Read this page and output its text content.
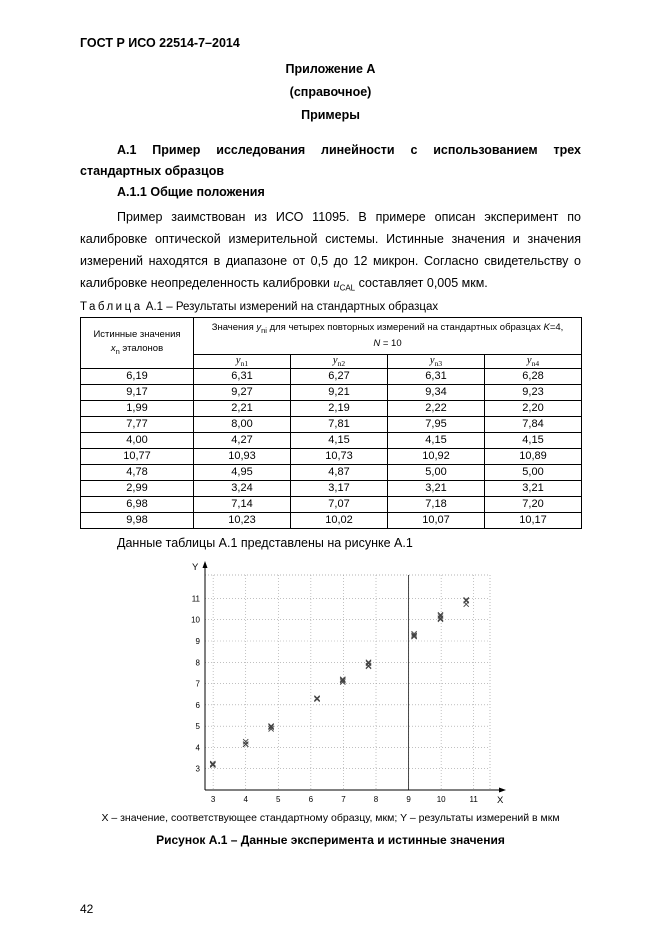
ГОСТ Р ИСО 22514-7–2014
Приложение А
(справочное)
Примеры

А.1 Пример исследования линейности с использованием трех стандартных образцов

А.1.1 Общие положения

Пример заимствован из ИСО 11095. В примере описан эксперимент по калибровке оптической измерительной системы. Истинные значения и значения измерений находятся в диапазоне от 0,5 до 12 микрон. Согласно свидетельству о калибровке неопределенность калибровки $u_{CAL}$ составляет 0,005 мкм.

Таблица А.1 – Результаты измерений на стандартных образцах
Истинные значения
$x_n$ эталонов	Значения $y_{ni}$ для четырех повторных измерений на стандартных образцах K=4,
N = 10			
	$y_{n1}$	$y_{n2}$	$y_{n3}$	$y_{n4}$
6,19	6,31	6,27	6,31	6,28
9,17	9,27	9,21	9,34	9,23
1,99	2,21	2,19	2,22	2,20
7,77	8,00	7,81	7,95	7,84
4,00	4,27	4,15	4,15	4,15
10,77	10,93	10,73	10,92	10,89
4,78	4,95	4,87	5,00	5,00
2,99	3,24	3,17	3,21	3,21
6,98	7,14	7,07	7,18	7,20
9,98	10,23	10,02	10,07	10,17

Данные таблицы А.1 представлены на рисунке А.1

3	4	5	6	7	8	9	10	11
3
4
5
6
7
8
9
10
11
Y
X
X – значение, соответствующее стандартному образцу, мкм; Y – результаты измерений в мкм
Рисунок А.1 – Данные эксперимента и истинные значения
42
